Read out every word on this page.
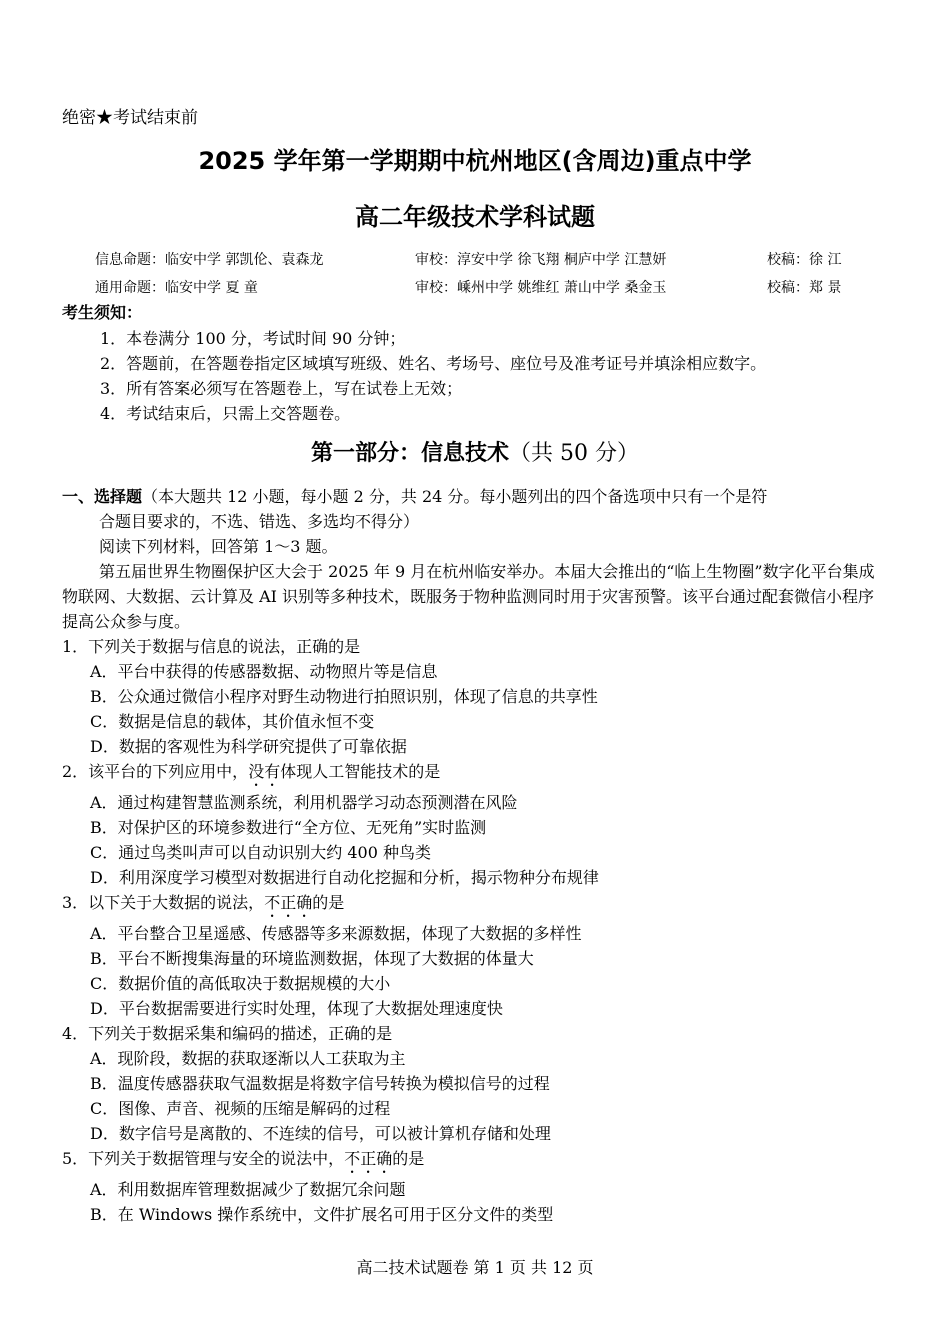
绝密★考试结束前
2025 学年第一学期期中杭州地区(含周边)重点中学
高二年级技术学科试题
信息命题：临安中学 郭凯伦、袁森龙	审校：淳安中学 徐飞翔 桐庐中学 江慧妍	校稿：徐 江
通用命题：临安中学 夏 童	审校：嵊州中学 姚维红 萧山中学 桑金玉	校稿：郑 景
考生须知：
1．本卷满分 100 分，考试时间 90 分钟；
2．答题前，在答题卷指定区域填写班级、姓名、考场号、座位号及准考证号并填涂相应数字。
3．所有答案必须写在答题卷上，写在试卷上无效；
4．考试结束后，只需上交答题卷。
第一部分：信息技术（共 50 分）
一、选择题（本大题共 12 小题，每小题 2 分，共 24 分。每小题列出的四个备选项中只有一个是符
合题目要求的，不选、错选、多选均不得分）
阅读下列材料，回答第 1～3 题。
第五届世界生物圈保护区大会于 2025 年 9 月在杭州临安举办。本届大会推出的“临上生物圈”数字化平台集成物联网、大数据、云计算及 AI 识别等多种技术，既服务于物种监测同时用于灾害预警。该平台通过配套微信小程序提高公众参与度。
1．下列关于数据与信息的说法，正确的是
A．平台中获得的传感器数据、动物照片等是信息
B．公众通过微信小程序对野生动物进行拍照识别，体现了信息的共享性
C．数据是信息的载体，其价值永恒不变
D．数据的客观性为科学研究提供了可靠依据
2．该平台的下列应用中，没有体现人工智能技术的是
A．通过构建智慧监测系统，利用机器学习动态预测潜在风险
B．对保护区的环境参数进行“全方位、无死角”实时监测
C．通过鸟类叫声可以自动识别大约 400 种鸟类
D．利用深度学习模型对数据进行自动化挖掘和分析，揭示物种分布规律
3．以下关于大数据的说法，不正确的是
A．平台整合卫星遥感、传感器等多来源数据，体现了大数据的多样性
B．平台不断搜集海量的环境监测数据，体现了大数据的体量大
C．数据价值的高低取决于数据规模的大小
D．平台数据需要进行实时处理，体现了大数据处理速度快
4．下列关于数据采集和编码的描述，正确的是
A．现阶段，数据的获取逐渐以人工获取为主
B．温度传感器获取气温数据是将数字信号转换为模拟信号的过程
C．图像、声音、视频的压缩是解码的过程
D．数字信号是离散的、不连续的信号，可以被计算机存储和处理
5．下列关于数据管理与安全的说法中，不正确的是
A．利用数据库管理数据减少了数据冗余问题
B．在 Windows 操作系统中，文件扩展名可用于区分文件的类型
高二技术试题卷 第 1 页 共 12 页
